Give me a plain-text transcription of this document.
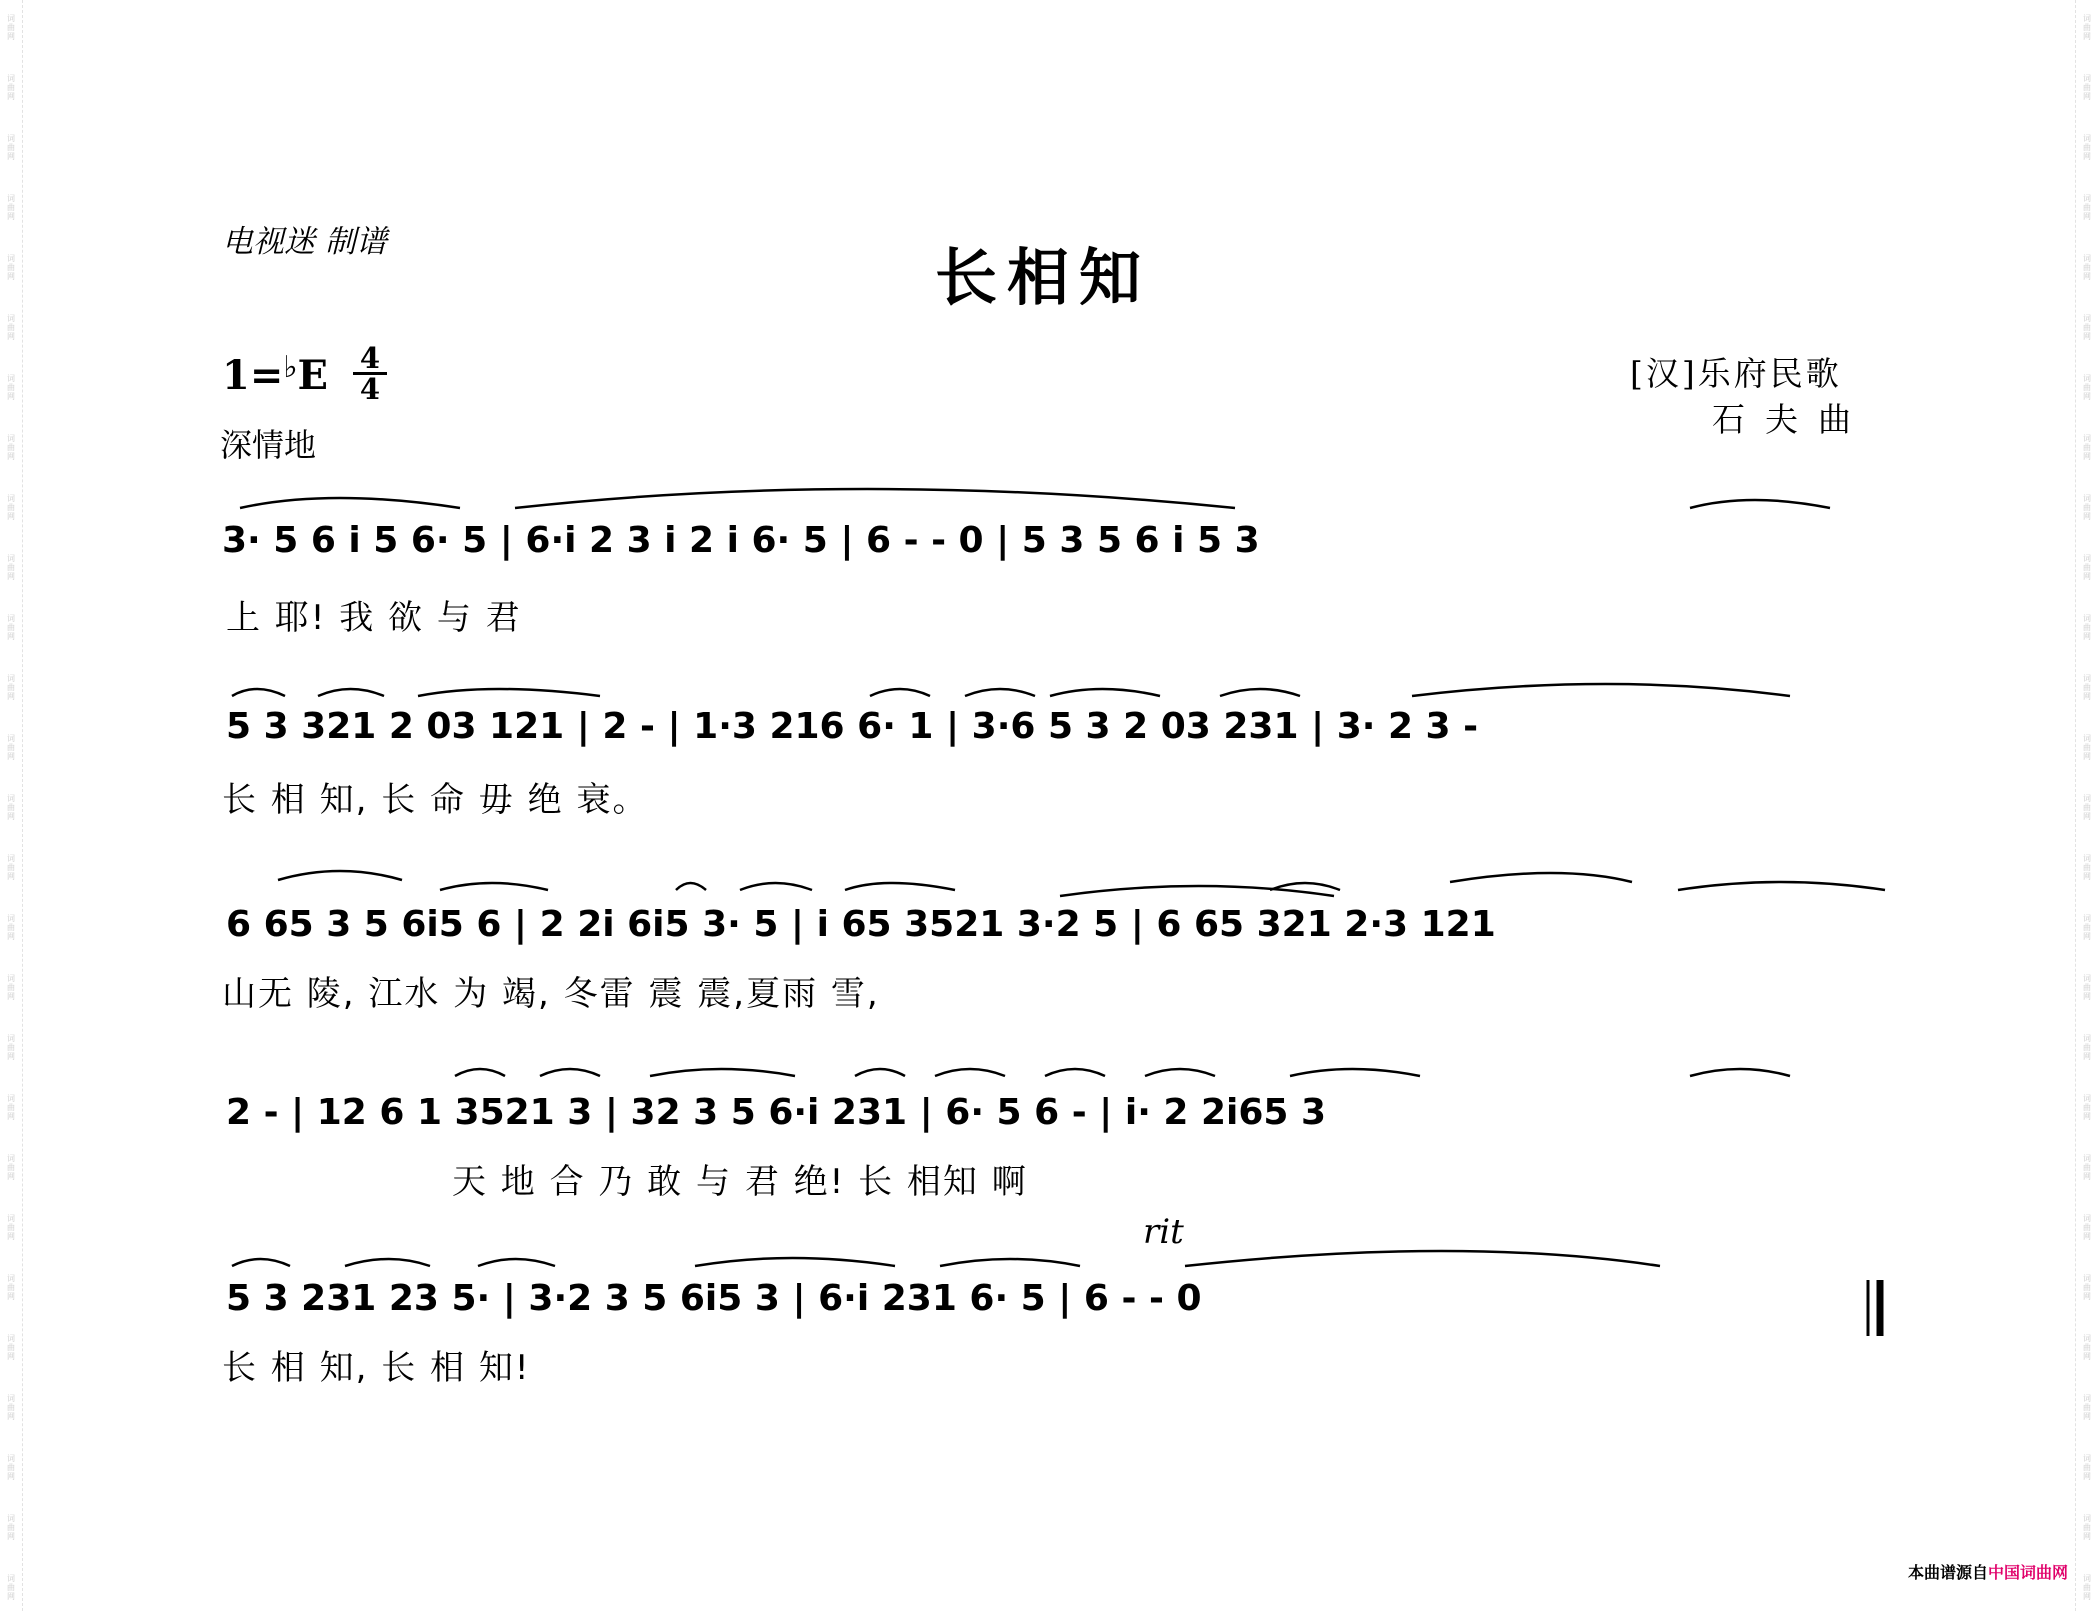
词
曲
网
词
曲
网
词
曲
网
词
曲
网
词
曲
网
词
曲
网
词
曲
网
词
曲
网
词
曲
网
词
曲
网
词
曲
网
词
曲
网
词
曲
网
词
曲
网
词
曲
网
词
曲
网
词
曲
网
词
曲
网
词
曲
网
词
曲
网
词
曲
网
词
曲
网
词
曲
网
词
曲
网
词
曲
网
词
曲
网
词
曲
网
词
曲
网
词
曲
网
词
曲
网
词
曲
网
词
曲
网
词
曲
网
词
曲
网
词
曲
网
词
曲
网
词
曲
网
词
曲
网
词
曲
网
词
曲
网
词
曲
网
词
曲
网
词
曲
网
词
曲
网
词
曲
网
词
曲
网
词
曲
网
词
曲
网
词
曲
网
词
曲
网
词
曲
网
词
曲
网
词
曲
网
词
曲
网
电视迷 制谱	长相知
$1=^♭E \frac{4}{4}$
深情地
[汉]乐府民歌
石夫曲
3· 5 6 i 5 6· 5 | 6·i 2 3 i 2 i 6· 5 | 6 - - 0 | 5 3 5 6 i 5 3
上 耶! 我 欲 与 君
5 3 321 2 03 121 | 2 - | 1·3 216 6· 1 | 3·6 5 3 2 03 231 | 3· 2 3 -
长 相 知, 长 命 毋 绝 衰。
6 65 3 5 6i5 6 | 2 2i 6i5 3· 5 | i 65 3521 3·2 5 | 6 65 321 2·3 121
山无 陵, 江水 为 竭, 冬雷 震 震,夏雨 雪,
2 - | 12 6 1 3521 3 | 32 3 5 6·i 231 | 6· 5 6 - | i· 2 2i65 3
天 地 合 乃 敢 与 君 绝! 长 相知 啊
rit
5 3 231 23 5· | 3·2 3 5 6i5 3 | 6·i 231 6· 5 | 6 - - 0
长 相 知, 长 相 知!
本曲谱源自 中国词曲网
